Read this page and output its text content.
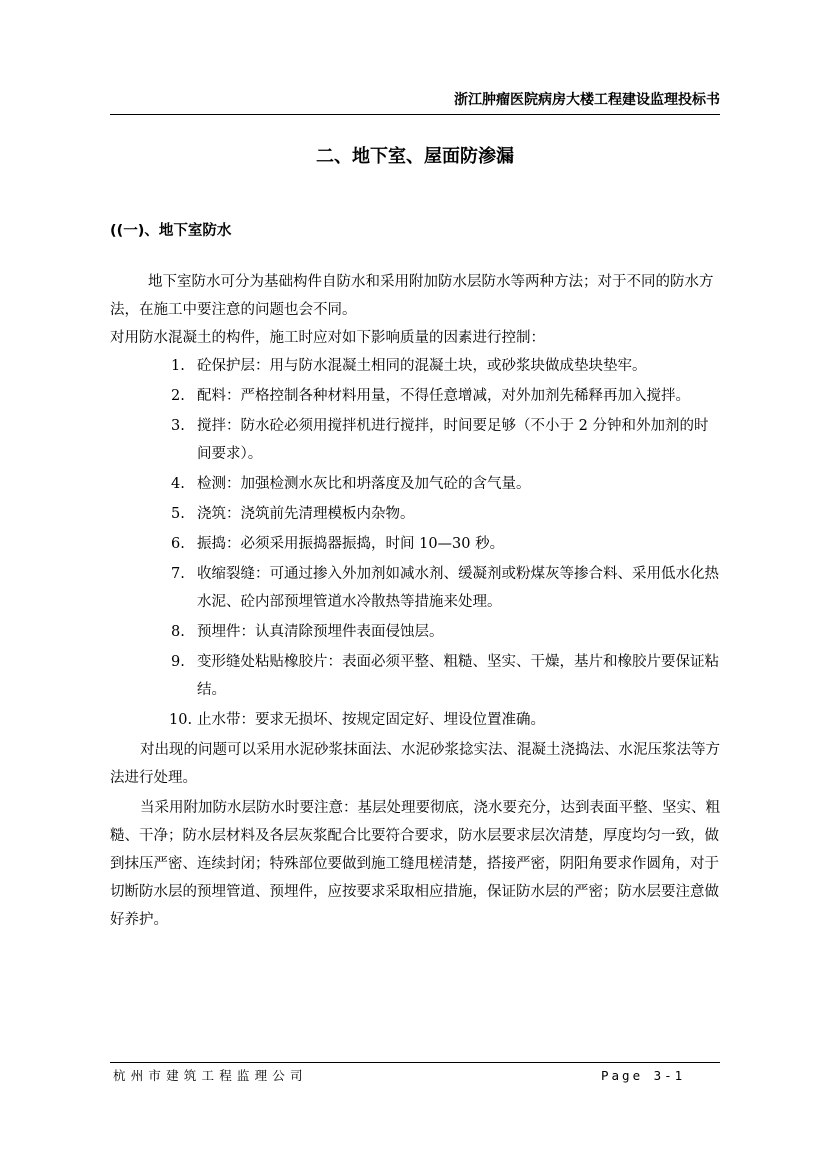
浙江肿瘤医院病房大楼工程建设监理投标书
二、地下室、屋面防渗漏
((一)、地下室防水

地下室防水可分为基础构件自防水和采用附加防水层防水等两种方法；对于不同的防水方法，在施工中要注意的问题也会不同。

对用防水混凝土的构件，施工时应对如下影响质量的因素进行控制：

1. 砼保护层：用与防水混凝土相同的混凝土块，或砂浆块做成垫块垫牢。
2. 配料：严格控制各种材料用量，不得任意增减，对外加剂先稀释再加入搅拌。
3. 搅拌：防水砼必须用搅拌机进行搅拌，时间要足够（不小于 2 分钟和外加剂的时间要求）。
4. 检测：加强检测水灰比和坍落度及加气砼的含气量。
5. 浇筑：浇筑前先清理模板内杂物。
6. 振捣：必须采用振捣器振捣，时间 10—30 秒。
7. 收缩裂缝：可通过掺入外加剂如减水剂、缓凝剂或粉煤灰等掺合料、采用低水化热水泥、砼内部预埋管道水冷散热等措施来处理。
8. 预埋件：认真清除预埋件表面侵蚀层。
9. 变形缝处粘贴橡胶片：表面必须平整、粗糙、坚实、干燥，基片和橡胶片要保证粘结。
10. 止水带：要求无损坏、按规定固定好、埋设位置准确。

对出现的问题可以采用水泥砂浆抹面法、水泥砂浆捻实法、混凝土浇捣法、水泥压浆法等方法进行处理。

当采用附加防水层防水时要注意：基层处理要彻底，浇水要充分，达到表面平整、坚实、粗糙、干净；防水层材料及各层灰浆配合比要符合要求，防水层要求层次清楚，厚度均匀一致，做到抹压严密、连续封闭；特殊部位要做到施工缝甩槎清楚，搭接严密，阴阳角要求作圆角，对于切断防水层的预埋管道、预埋件，应按要求采取相应措施，保证防水层的严密；防水层要注意做好养护。

杭州市建筑工程监理公司	Page 3-1
